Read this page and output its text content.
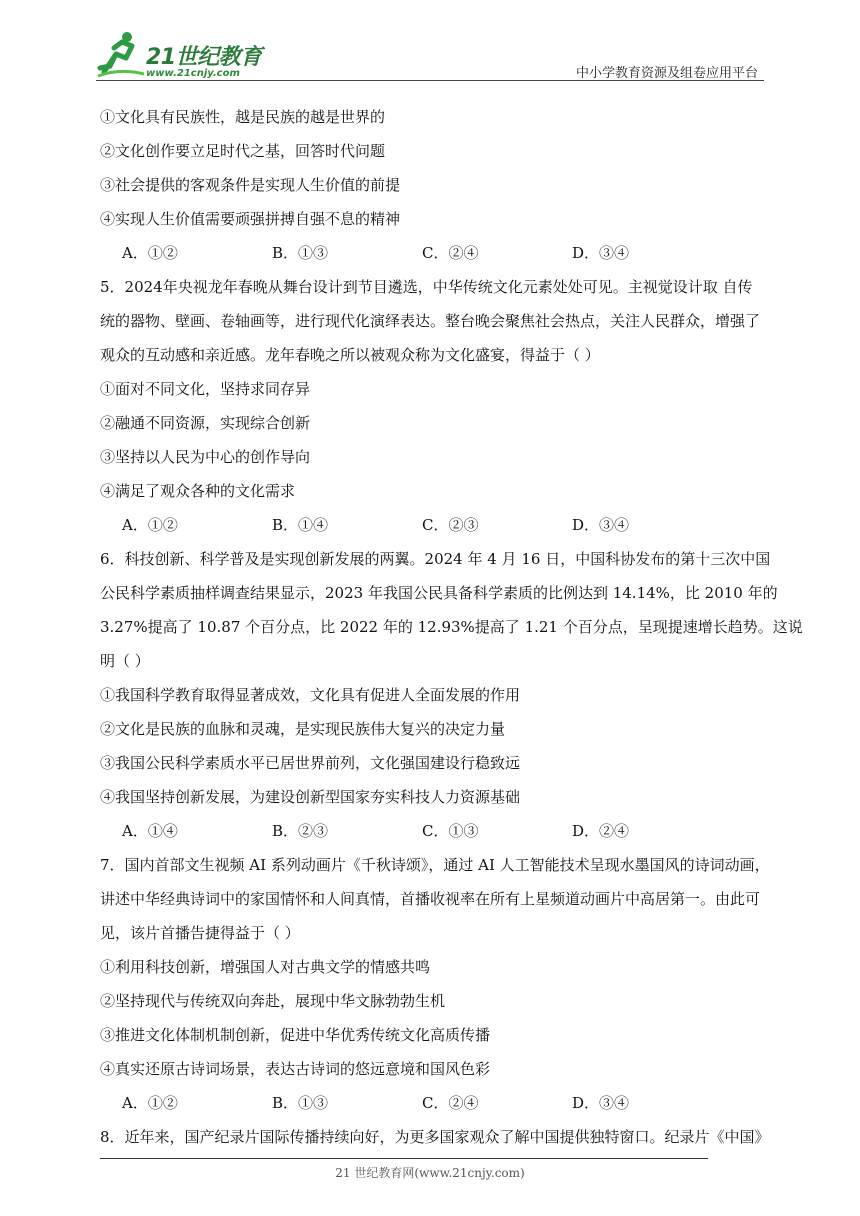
21世纪教育
www.21cnjy.com	中小学教育资源及组卷应用平台
①文化具有民族性，越是民族的越是世界的
②文化创作要立足时代之基，回答时代问题
③社会提供的客观条件是实现人生价值的前提
④实现人生价值需要顽强拼搏自强不息的精神
A．①②	B．①③	C．②④	D．③④
5．2024年央视龙年春晚从舞台设计到节目遴选，中华传统文化元素处处可见。主视觉设计取 自传
统的器物、壁画、卷轴画等，进行现代化演绎表达。整台晚会聚焦社会热点，关注人民群众，增强了
观众的互动感和亲近感。龙年春晚之所以被观众称为文化盛宴，得益于（ ）
①面对不同文化，坚持求同存异
②融通不同资源，实现综合创新
③坚持以人民为中心的创作导向
④满足了观众各种的文化需求
A．①②	B．①④	C．②③	D．③④
6．科技创新、科学普及是实现创新发展的两翼。2024 年 4 月 16 日，中国科协发布的第十三次中国
公民科学素质抽样调查结果显示，2023 年我国公民具备科学素质的比例达到 14.14%，比 2010 年的
3.27%提高了 10.87 个百分点，比 2022 年的 12.93%提高了 1.21 个百分点，呈现提速增长趋势。这说
明（ ）
①我国科学教育取得显著成效，文化具有促进人全面发展的作用
②文化是民族的血脉和灵魂，是实现民族伟大复兴的决定力量
③我国公民科学素质水平已居世界前列，文化强国建设行稳致远
④我国坚持创新发展，为建设创新型国家夯实科技人力资源基础
A．①④	B．②③	C．①③	D．②④
7．国内首部文生视频 AI 系列动画片《千秋诗颂》，通过 AI 人工智能技术呈现水墨国风的诗词动画，
讲述中华经典诗词中的家国情怀和人间真情，首播收视率在所有上星频道动画片中高居第一。由此可
见，该片首播告捷得益于（ ）
①利用科技创新，增强国人对古典文学的情感共鸣
②坚持现代与传统双向奔赴，展现中华文脉勃勃生机
③推进文化体制机制创新，促进中华优秀传统文化高质传播
④真实还原古诗词场景，表达古诗词的悠远意境和国风色彩
A．①②	B．①③	C．②④	D．③④
8．近年来，国产纪录片国际传播持续向好，为更多国家观众了解中国提供独特窗口。纪录片《中国》
21 世纪教育网(www.21cnjy.com)
